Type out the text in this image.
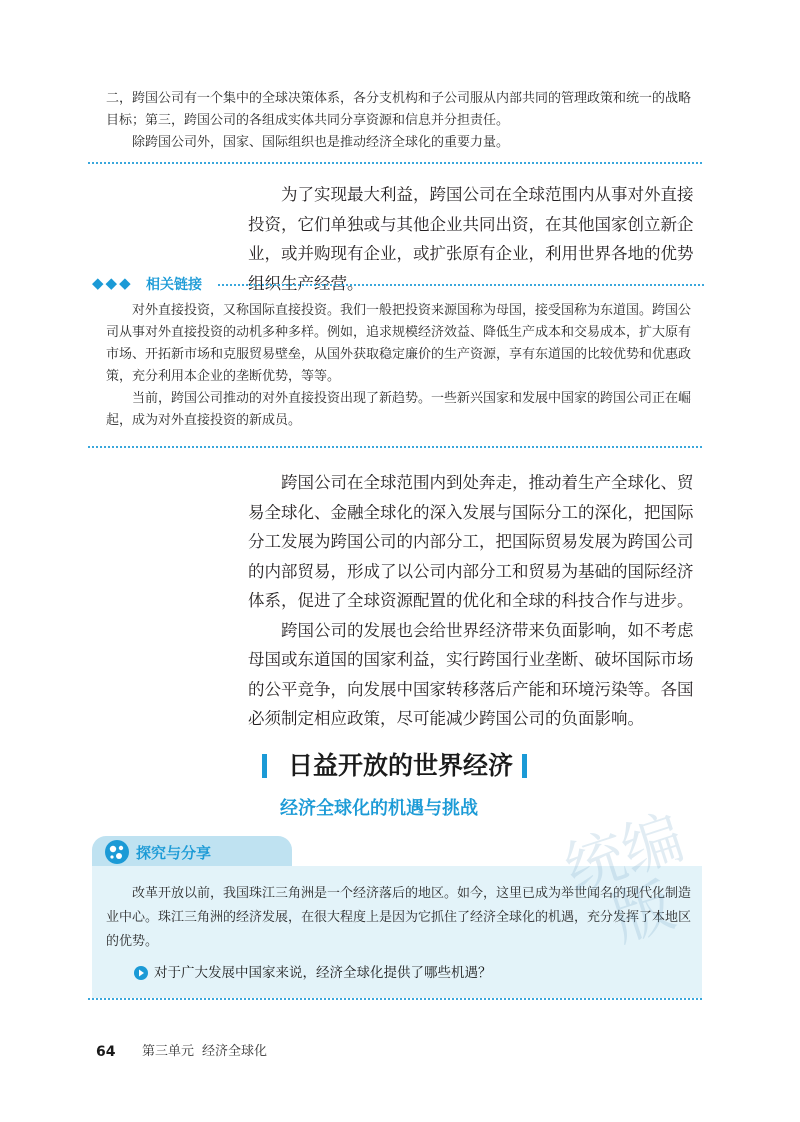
二，跨国公司有一个集中的全球决策体系，各分支机构和子公司服从内部共同的管理政策和统一的战略目标；第三，跨国公司的各组成实体共同分享资源和信息并分担责任。

除跨国公司外，国家、国际组织也是推动经济全球化的重要力量。

为了实现最大利益，跨国公司在全球范围内从事对外直接投资，它们单独或与其他企业共同出资，在其他国家创立新企业，或并购现有企业，或扩张原有企业，利用世界各地的优势组织生产经营。

◆◆◆ 相关链接

对外直接投资，又称国际直接投资。我们一般把投资来源国称为母国，接受国称为东道国。跨国公司从事对外直接投资的动机多种多样。例如，追求规模经济效益、降低生产成本和交易成本，扩大原有市场、开拓新市场和克服贸易壁垒，从国外获取稳定廉价的生产资源，享有东道国的比较优势和优惠政策，充分利用本企业的垄断优势，等等。

当前，跨国公司推动的对外直接投资出现了新趋势。一些新兴国家和发展中国家的跨国公司正在崛起，成为对外直接投资的新成员。

跨国公司在全球范围内到处奔走，推动着生产全球化、贸易全球化、金融全球化的深入发展与国际分工的深化，把国际分工发展为跨国公司的内部分工，把国际贸易发展为跨国公司的内部贸易，形成了以公司内部分工和贸易为基础的国际经济体系，促进了全球资源配置的优化和全球的科技合作与进步。

跨国公司的发展也会给世界经济带来负面影响，如不考虑母国或东道国的国家利益，实行跨国行业垄断、破坏国际市场的公平竞争，向发展中国家转移落后产能和环境污染等。各国必须制定相应政策，尽可能减少跨国公司的负面影响。

日益开放的世界经济
经济全球化的机遇与挑战
探究与分享

改革开放以前，我国珠江三角洲是一个经济落后的地区。如今，这里已成为举世闻名的现代化制造业中心。珠江三角洲的经济发展，在很大程度上是因为它抓住了经济全球化的机遇，充分发挥了本地区的优势。

对于广大发展中国家来说，经济全球化提供了哪些机遇？
统编版
64 第三单元 经济全球化
